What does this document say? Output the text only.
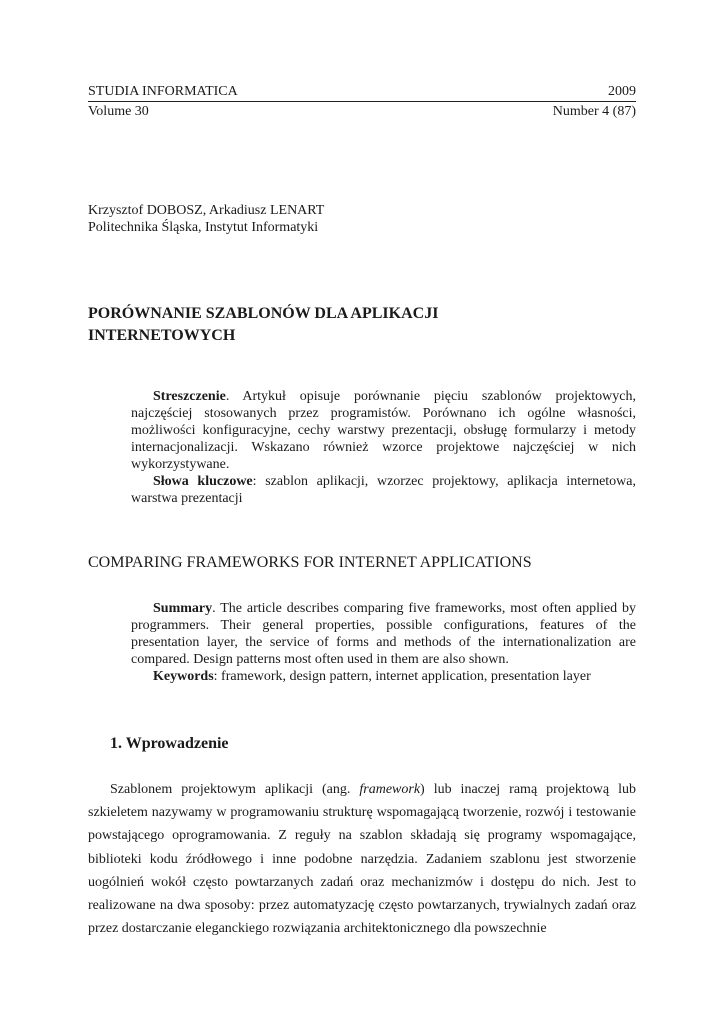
STUDIA INFORMATICA	2009
Volume 30	Number 4 (87)
Krzysztof DOBOSZ, Arkadiusz LENART
Politechnika Śląska, Instytut Informatyki
PORÓWNANIE SZABLONÓW DLA APLIKACJI
INTERNETOWYCH

Streszczenie. Artykuł opisuje porównanie pięciu szablonów projektowych, najczęściej stosowanych przez programistów. Porównano ich ogólne własności, możliwości konfiguracyjne, cechy warstwy prezentacji, obsługę formularzy i metody internacjonalizacji. Wskazano również wzorce projektowe najczęściej w nich wykorzystywane.

Słowa kluczowe: szablon aplikacji, wzorzec projektowy, aplikacja internetowa, warstwa prezentacji

COMPARING FRAMEWORKS FOR INTERNET APPLICATIONS

Summary. The article describes comparing five frameworks, most often applied by programmers. Their general properties, possible configurations, features of the presentation layer, the service of forms and methods of the internationalization are compared. Design patterns most often used in them are also shown.

Keywords: framework, design pattern, internet application, presentation layer

1. Wprowadzenie

Szablonem projektowym aplikacji (ang. framework) lub inaczej ramą projektową lub szkieletem nazywamy w programowaniu strukturę wspomagającą tworzenie, rozwój i testowanie powstającego oprogramowania. Z reguły na szablon składają się programy wspomagające, biblioteki kodu źródłowego i inne podobne narzędzia. Zadaniem szablonu jest stworzenie uogólnień wokół często powtarzanych zadań oraz mechanizmów i dostępu do nich. Jest to realizowane na dwa sposoby: przez automatyzację często powtarzanych, trywialnych zadań oraz przez dostarczanie eleganckiego rozwiązania architektonicznego dla powszechnie
